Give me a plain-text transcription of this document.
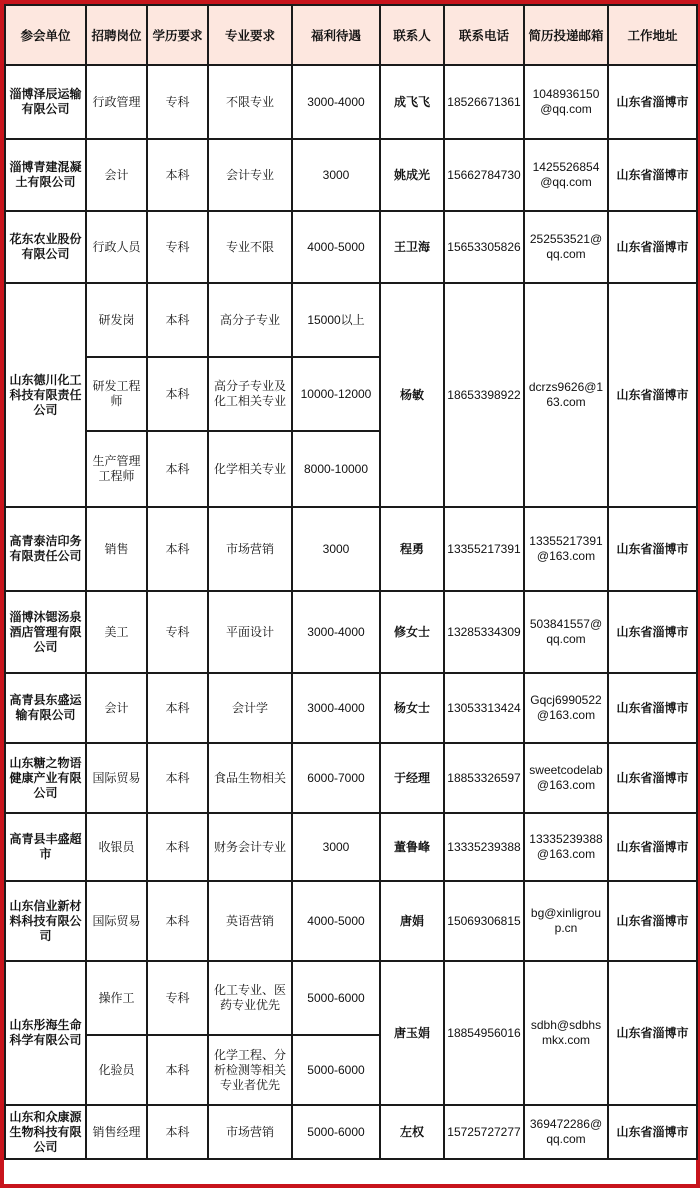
参会单位	招聘岗位	学历要求	专业要求	福利待遇	联系人	联系电话	简历投递邮箱	工作地址
淄博泽辰运输有限公司	行政管理	专科	不限专业	3000-4000	成飞飞	18526671361	1048936150@qq.com	山东省淄博市
淄博青建混凝土有限公司	会计	本科	会计专业	3000	姚成光	15662784730	1425526854@qq.com	山东省淄博市
花东农业股份有限公司	行政人员	专科	专业不限	4000-5000	王卫海	15653305826	252553521@qq.com	山东省淄博市
山东德川化工科技有限责任公司	研发岗	本科	高分子专业	15000以上	杨敏	18653398922	dcrzs9626@163.com	山东省淄博市
	研发工程师	本科	高分子专业及化工相关专业	10000-12000				
	生产管理工程师	本科	化学相关专业	8000-10000				
高青泰洁印务有限责任公司	销售	本科	市场营销	3000	程勇	13355217391	13355217391@163.com	山东省淄博市
淄博沐锶汤泉酒店管理有限公司	美工	专科	平面设计	3000-4000	修女士	13285334309	503841557@qq.com	山东省淄博市
高青县东盛运输有限公司	会计	本科	会计学	3000-4000	杨女士	13053313424	Gqcj6990522@163.com	山东省淄博市
山东糖之物语健康产业有限公司	国际贸易	本科	食品生物相关	6000-7000	于经理	18853326597	sweetcodelab@163.com	山东省淄博市
高青县丰盛超市	收银员	本科	财务会计专业	3000	董鲁峰	13335239388	13335239388@163.com	山东省淄博市
山东信业新材料科技有限公司	国际贸易	本科	英语营销	4000-5000	唐娟	15069306815	bg@xinligroup.cn	山东省淄博市
山东彤海生命科学有限公司	操作工	专科	化工专业、医药专业优先	5000-6000	唐玉娟	18854956016	sdbh@sdbhsmkx.com	山东省淄博市
	化验员	本科	化学工程、分析检测等相关专业者优先	5000-6000				
山东和众康源生物科技有限公司	销售经理	本科	市场营销	5000-6000	左权	15725727277	369472286@qq.com	山东省淄博市
